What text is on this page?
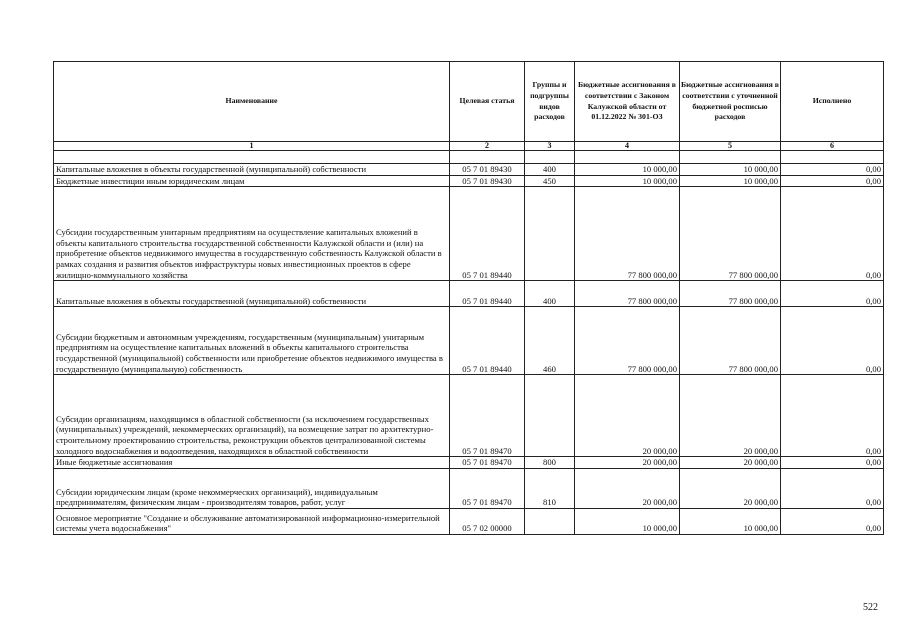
Наименование	Целевая статья	Группы и подгруппы видов расходов	Бюджетные ассигнования в соответствии с Законом Калужской области от 01.12.2022 № 301-ОЗ	Бюджетные ассигнования в соответствии с уточненной бюджетной росписью расходов	Исполнено
1	2	3	4	5	6

Капитальные вложения в объекты государственной (муниципальной) собственности	05 7 01 89430	400	10 000,00	10 000,00	0,00
Бюджетные инвестиции иным юридическим лицам	05 7 01 89430	450	10 000,00	10 000,00	0,00
Субсидии государственным унитарным предприятиям на осуществление капитальных вложений в объекты капитального строительства государственной собственности Калужской области и (или) на приобретение объектов недвижимого имущества в государственную собственность Калужской области в рамках создания и развития объектов инфраструктуры новых инвестиционных проектов в сфере жилищно-коммунального хозяйства	05 7 01 89440		77 800 000,00	77 800 000,00	0,00
Капитальные вложения в объекты государственной (муниципальной) собственности	05 7 01 89440	400	77 800 000,00	77 800 000,00	0,00
Субсидии бюджетным и автономным учреждениям, государственным (муниципальным) унитарным предприятиям на осуществление капитальных вложений в объекты капитального строительства государственной (муниципальной) собственности или приобретение объектов недвижимого имущества в государственную (муниципальную) собственность	05 7 01 89440	460	77 800 000,00	77 800 000,00	0,00
Субсидии организациям, находящимся в областной собственности (за исключением государственных (муниципальных) учреждений, некоммерческих организаций), на возмещение затрат по архитектурно-строительному проектированию строительства, реконструкции объектов централизованной системы холодного водоснабжения и водоотведения, находящихся в областной собственности	05 7 01 89470		20 000,00	20 000,00	0,00
Иные бюджетные ассигнования	05 7 01 89470	800	20 000,00	20 000,00	0,00
Субсидии юридическим лицам (кроме некоммерческих организаций), индивидуальным предпринимателям, физическим лицам - производителям товаров, работ, услуг	05 7 01 89470	810	20 000,00	20 000,00	0,00
Основное мероприятие "Создание и обслуживание автоматизированной информационно-измерительной системы учета водоснабжения"	05 7 02 00000		10 000,00	10 000,00	0,00
522
